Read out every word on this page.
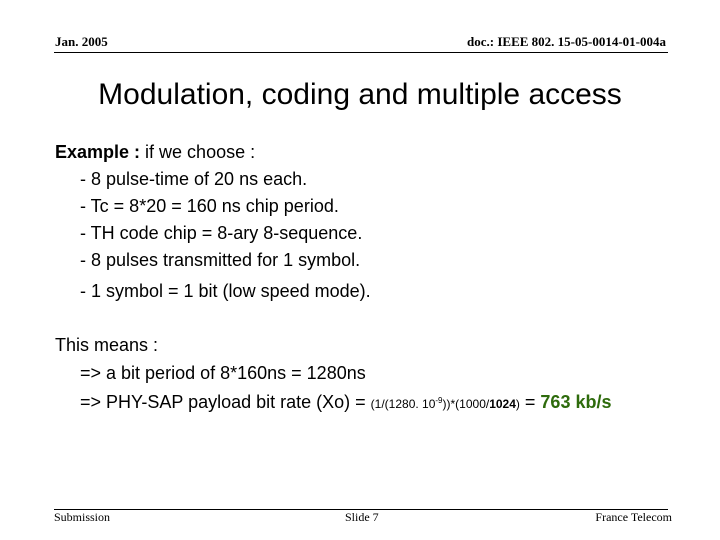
Jan. 2005	doc.: IEEE 802. 15-05-0014-01-004a
Modulation, coding and multiple access
Example : if we choose :
- 8 pulse-time of 20 ns each.
- Tc = 8*20 = 160 ns chip period.
- TH code chip = 8-ary 8-sequence.
- 8 pulses transmitted for 1 symbol.
- 1 symbol = 1 bit (low speed mode).
This means :
=> a bit period of 8*160ns = 1280ns
=> PHY-SAP payload bit rate (Xo) = (1/(1280. $10^{-9}))*(1000/1024) = 763$ kb/s
Submission	Slide 7	France Telecom
